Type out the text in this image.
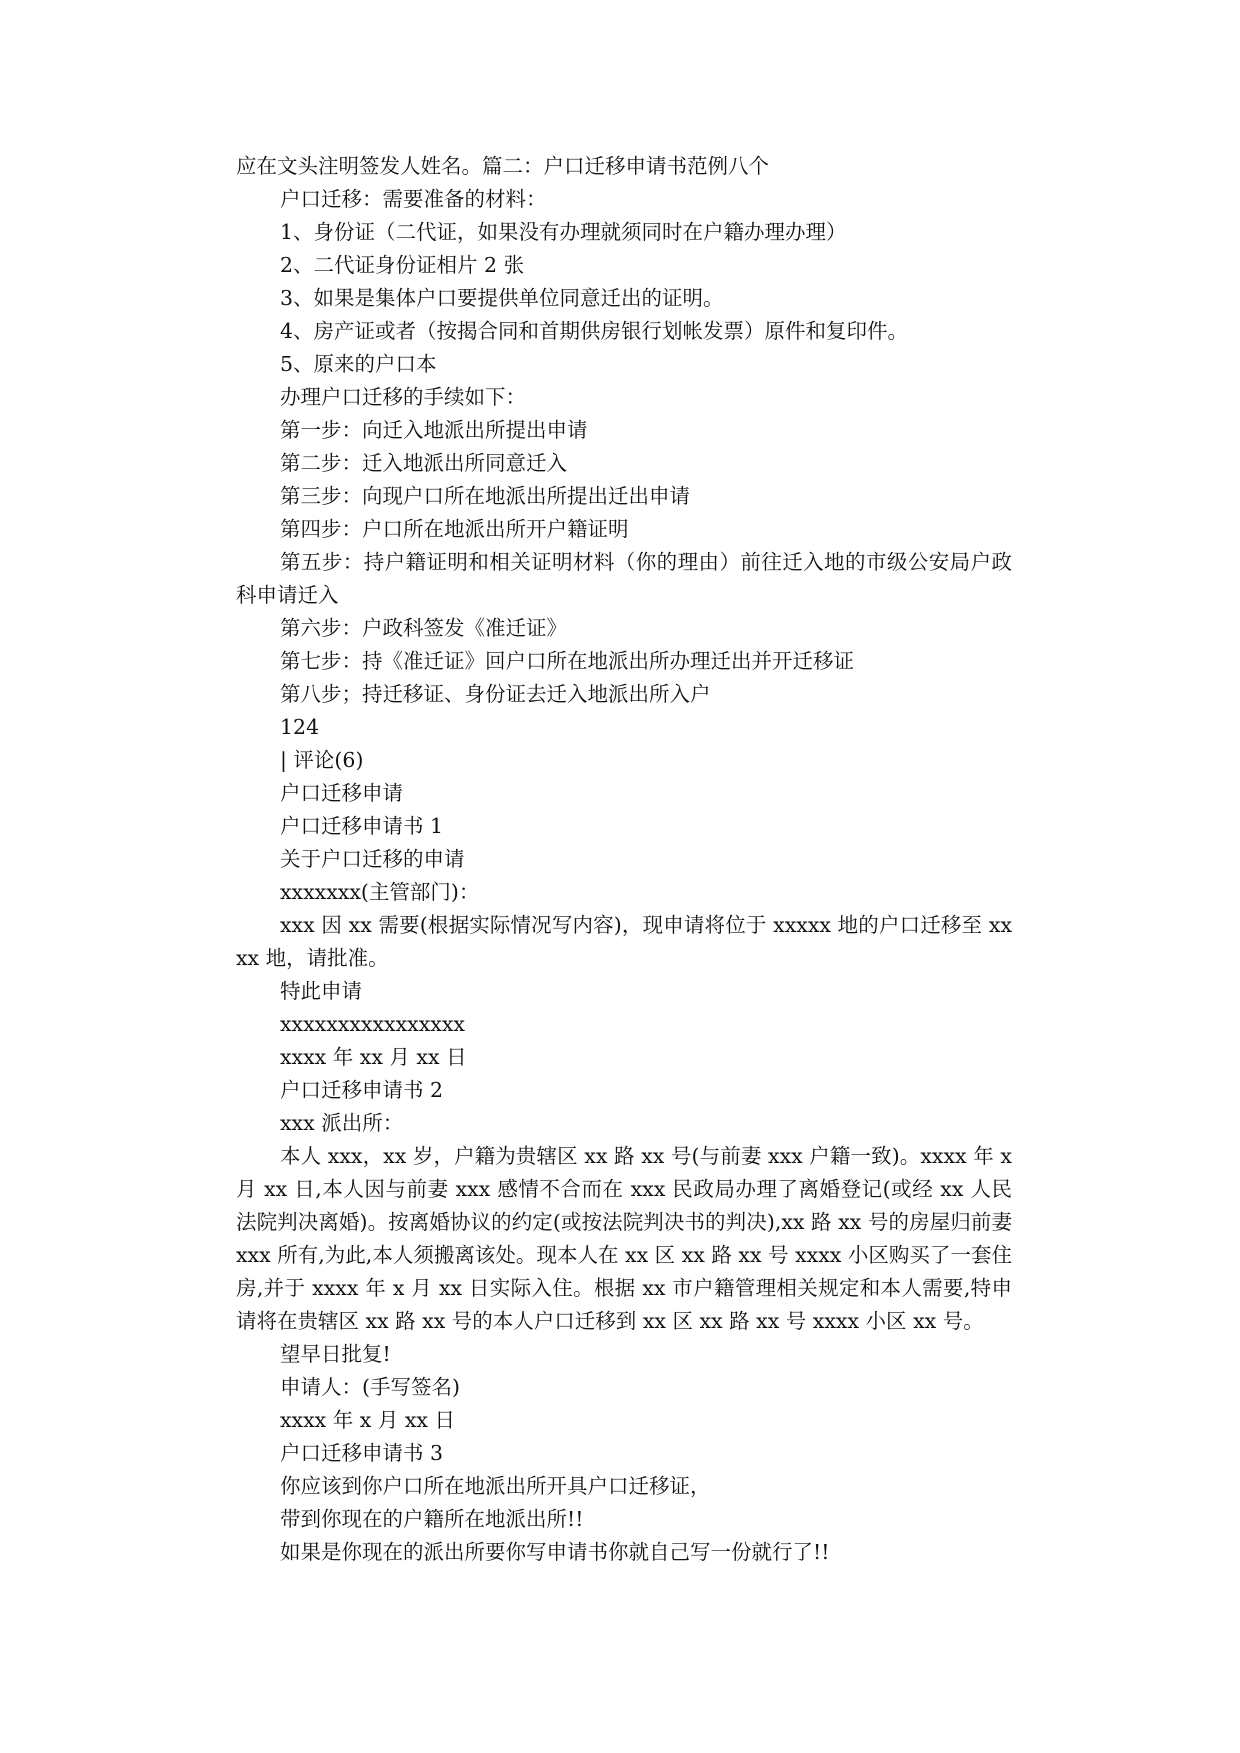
应在文头注明签发人姓名。篇二：户口迁移申请书范例八个
户口迁移：需要准备的材料：
1、身份证（二代证，如果没有办理就须同时在户籍办理办理）
2、二代证身份证相片 2 张
3、如果是集体户口要提供单位同意迁出的证明。
4、房产证或者（按揭合同和首期供房银行划帐发票）原件和复印件。
5、原来的户口本
办理户口迁移的手续如下：
第一步：向迁入地派出所提出申请
第二步：迁入地派出所同意迁入
第三步：向现户口所在地派出所提出迁出申请
第四步：户口所在地派出所开户籍证明
第五步：持户籍证明和相关证明材料（你的理由）前往迁入地的市级公安局户政科申请迁入
第六步：户政科签发《准迁证》
第七步：持《准迁证》回户口所在地派出所办理迁出并开迁移证
第八步；持迁移证、身份证去迁入地派出所入户
124
| 评论(6)
户口迁移申请
户口迁移申请书 1
关于户口迁移的申请
xxxxxxx(主管部门)：
xxx 因 xx 需要(根据实际情况写内容)，现申请将位于 xxxxx 地的户口迁移至 xxxx 地，请批准。
特此申请
xxxxxxxxxxxxxxxx
xxxx 年 xx 月 xx 日
户口迁移申请书 2
xxx 派出所：
本人 xxx，xx 岁，户籍为贵辖区 xx 路 xx 号(与前妻 xxx 户籍一致)。xxxx 年 x 月 xx 日,本人因与前妻 xxx 感情不合而在 xxx 民政局办理了离婚登记(或经 xx 人民法院判决离婚)。按离婚协议的约定(或按法院判决书的判决),xx 路 xx 号的房屋归前妻 xxx 所有,为此,本人须搬离该处。现本人在 xx 区 xx 路 xx 号 xxxx 小区购买了一套住房,并于 xxxx 年 x 月 xx 日实际入住。根据 xx 市户籍管理相关规定和本人需要,特申请将在贵辖区 xx 路 xx 号的本人户口迁移到 xx 区 xx 路 xx 号 xxxx 小区 xx 号。
望早日批复!
申请人：(手写签名)
xxxx 年 x 月 xx 日
户口迁移申请书 3
你应该到你户口所在地派出所开具户口迁移证，
带到你现在的户籍所在地派出所!!
如果是你现在的派出所要你写申请书你就自己写一份就行了!!
